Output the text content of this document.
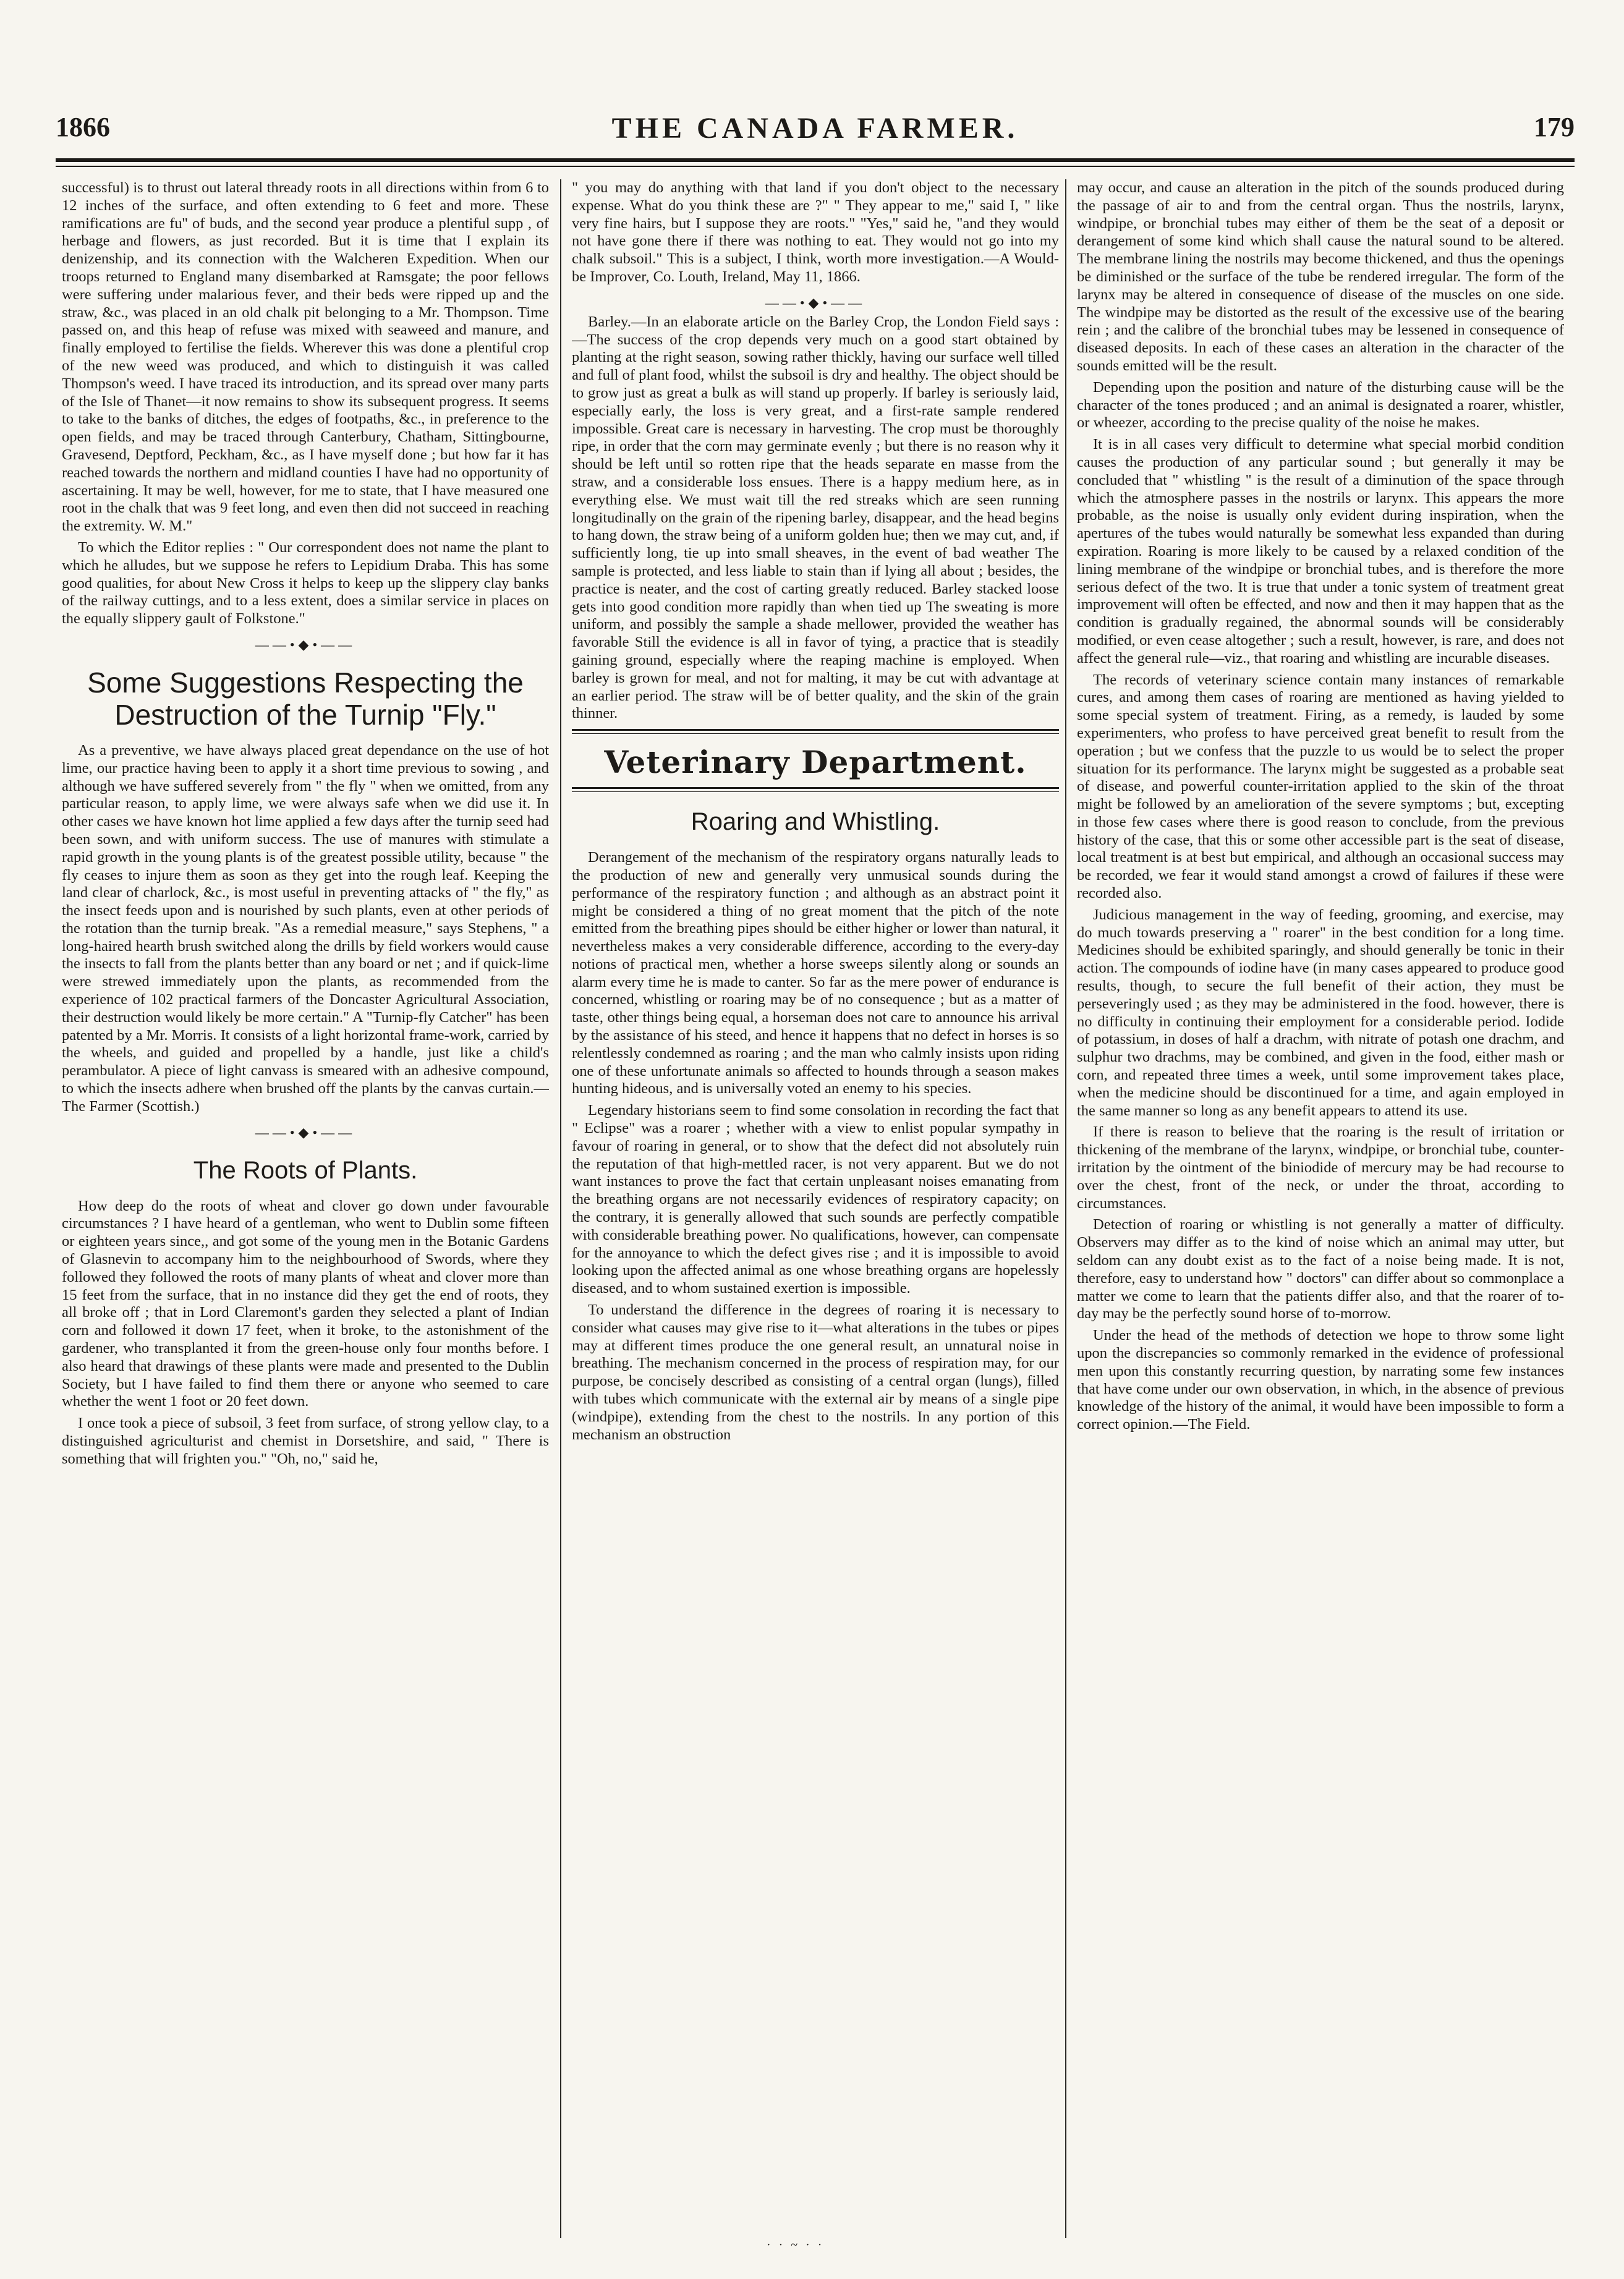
1866	THE CANADA FARMER.	179

successful) is to thrust out lateral thready roots in all directions within from 6 to 12 inches of the surface, and often extending to 6 feet and more. These ramifications are fu'' of buds, and the second year produce a plentiful supp , of herbage and flowers, as just recorded. But it is time that I explain its denizenship, and its connection with the Walcheren Expedition. When our troops returned to England many disembarked at Ramsgate; the poor fellows were suffering under malarious fever, and their beds were ripped up and the straw, &c., was placed in an old chalk pit belonging to a Mr. Thompson. Time passed on, and this heap of refuse was mixed with seaweed and manure, and finally employed to fertilise the fields. Wherever this was done a plentiful crop of the new weed was produced, and which to distinguish it was called Thompson's weed. I have traced its introduction, and its spread over many parts of the Isle of Thanet—it now remains to show its subsequent progress. It seems to take to the banks of ditches, the edges of footpaths, &c., in preference to the open fields, and may be traced through Canterbury, Chatham, Sittingbourne, Gravesend, Deptford, Peckham, &c., as I have myself done ; but how far it has reached towards the northern and midland counties I have had no opportunity of ascertaining. It may be well, however, for me to state, that I have measured one root in the chalk that was 9 feet long, and even then did not succeed in reaching the extremity. W. M."

To which the Editor replies : " Our correspondent does not name the plant to which he alludes, but we suppose he refers to Lepidium Draba. This has some good qualities, for about New Cross it helps to keep up the slippery clay banks of the railway cuttings, and to a less extent, does a similar service in places on the equally slippery gault of Folkstone."

——•◆•——
Some Suggestions Respecting the Destruction of the Turnip "Fly."

As a preventive, we have always placed great dependance on the use of hot lime, our practice having been to apply it a short time previous to sowing , and although we have suffered severely from " the fly " when we omitted, from any particular reason, to apply lime, we were always safe when we did use it. In other cases we have known hot lime applied a few days after the turnip seed had been sown, and with uniform success. The use of manures with stimulate a rapid growth in the young plants is of the greatest possible utility, because " the fly ceases to injure them as soon as they get into the rough leaf. Keeping the land clear of charlock, &c., is most useful in preventing attacks of " the fly," as the insect feeds upon and is nourished by such plants, even at other periods of the rotation than the turnip break. "As a remedial measure," says Stephens, " a long-haired hearth brush switched along the drills by field workers would cause the insects to fall from the plants better than any board or net ; and if quick-lime were strewed immediately upon the plants, as recommended from the experience of 102 practical farmers of the Doncaster Agricultural Association, their destruction would likely be more certain." A "Turnip-fly Catcher" has been patented by a Mr. Morris. It consists of a light horizontal frame-work, carried by the wheels, and guided and propelled by a handle, just like a child's perambulator. A piece of light canvass is smeared with an adhesive compound, to which the insects adhere when brushed off the plants by the canvas curtain.—The Farmer (Scottish.)

——•◆•——
The Roots of Plants.

How deep do the roots of wheat and clover go down under favourable circumstances ? I have heard of a gentleman, who went to Dublin some fifteen or eighteen years since,, and got some of the young men in the Botanic Gardens of Glasnevin to accompany him to the neighbourhood of Swords, where they followed they followed the roots of many plants of wheat and clover more than 15 feet from the surface, that in no instance did they get the end of roots, they all broke off ; that in Lord Claremont's garden they selected a plant of Indian corn and followed it down 17 feet, when it broke, to the astonishment of the gardener, who transplanted it from the green-house only four months before. I also heard that drawings of these plants were made and presented to the Dublin Society, but I have failed to find them there or anyone who seemed to care whether the went 1 foot or 20 feet down.

I once took a piece of subsoil, 3 feet from surface, of strong yellow clay, to a distinguished agriculturist and chemist in Dorsetshire, and said, " There is something that will frighten you." "Oh, no," said he,

" you may do anything with that land if you don't object to the necessary expense. What do you think these are ?" " They appear to me," said I, " like very fine hairs, but I suppose they are roots." "Yes," said he, "and they would not have gone there if there was nothing to eat. They would not go into my chalk subsoil." This is a subject, I think, worth more investigation.—A Would-be Improver, Co. Louth, Ireland, May 11, 1866.

——•◆•——

Barley.—In an elaborate article on the Barley Crop, the London Field says :—The success of the crop depends very much on a good start obtained by planting at the right season, sowing rather thickly, having our surface well tilled and full of plant food, whilst the subsoil is dry and healthy. The object should be to grow just as great a bulk as will stand up properly. If barley is seriously laid, especially early, the loss is very great, and a first-rate sample rendered impossible. Great care is necessary in harvesting. The crop must be thoroughly ripe, in order that the corn may germinate evenly ; but there is no reason why it should be left until so rotten ripe that the heads separate en masse from the straw, and a considerable loss ensues. There is a happy medium here, as in everything else. We must wait till the red streaks which are seen running longitudinally on the grain of the ripening barley, disappear, and the head begins to hang down, the straw being of a uniform golden hue; then we may cut, and, if sufficiently long, tie up into small sheaves, in the event of bad weather The sample is protected, and less liable to stain than if lying all about ; besides, the practice is neater, and the cost of carting greatly reduced. Barley stacked loose gets into good condition more rapidly than when tied up The sweating is more uniform, and possibly the sample a shade mellower, provided the weather has favorable Still the evidence is all in favor of tying, a practice that is steadily gaining ground, especially where the reaping machine is employed. When barley is grown for meal, and not for malting, it may be cut with advantage at an earlier period. The straw will be of better quality, and the skin of the grain thinner.

Veterinary Department.
Roaring and Whistling.

Derangement of the mechanism of the respiratory organs naturally leads to the production of new and generally very unmusical sounds during the performance of the respiratory function ; and although as an abstract point it might be considered a thing of no great moment that the pitch of the note emitted from the breathing pipes should be either higher or lower than natural, it nevertheless makes a very considerable difference, according to the every-day notions of practical men, whether a horse sweeps silently along or sounds an alarm every time he is made to canter. So far as the mere power of endurance is concerned, whistling or roaring may be of no consequence ; but as a matter of taste, other things being equal, a horseman does not care to announce his arrival by the assistance of his steed, and hence it happens that no defect in horses is so relentlessly condemned as roaring ; and the man who calmly insists upon riding one of these unfortunate animals so affected to hounds through a season makes hunting hideous, and is universally voted an enemy to his species.

Legendary historians seem to find some consolation in recording the fact that " Eclipse" was a roarer ; whether with a view to enlist popular sympathy in favour of roaring in general, or to show that the defect did not absolutely ruin the reputation of that high-mettled racer, is not very apparent. But we do not want instances to prove the fact that certain unpleasant noises emanating from the breathing organs are not necessarily evidences of respiratory capacity; on the contrary, it is generally allowed that such sounds are perfectly compatible with considerable breathing power. No qualifications, however, can compensate for the annoyance to which the defect gives rise ; and it is impossible to avoid looking upon the affected animal as one whose breathing organs are hopelessly diseased, and to whom sustained exertion is impossible.

To understand the difference in the degrees of roaring it is necessary to consider what causes may give rise to it—what alterations in the tubes or pipes may at different times produce the one general result, an unnatural noise in breathing. The mechanism concerned in the process of respiration may, for our purpose, be concisely described as consisting of a central organ (lungs), filled with tubes which communicate with the external air by means of a single pipe (windpipe), extending from the chest to the nostrils. In any portion of this mechanism an obstruction

may occur, and cause an alteration in the pitch of the sounds produced during the passage of air to and from the central organ. Thus the nostrils, larynx, windpipe, or bronchial tubes may either of them be the seat of a deposit or derangement of some kind which shall cause the natural sound to be altered. The membrane lining the nostrils may become thickened, and thus the openings be diminished or the surface of the tube be rendered irregular. The form of the larynx may be altered in consequence of disease of the muscles on one side. The windpipe may be distorted as the result of the excessive use of the bearing rein ; and the calibre of the bronchial tubes may be lessened in consequence of diseased deposits. In each of these cases an alteration in the character of the sounds emitted will be the result.

Depending upon the position and nature of the disturbing cause will be the character of the tones produced ; and an animal is designated a roarer, whistler, or wheezer, according to the precise quality of the noise he makes.

It is in all cases very difficult to determine what special morbid condition causes the production of any particular sound ; but generally it may be concluded that " whistling " is the result of a diminution of the space through which the atmosphere passes in the nostrils or larynx. This appears the more probable, as the noise is usually only evident during inspiration, when the apertures of the tubes would naturally be somewhat less expanded than during expiration. Roaring is more likely to be caused by a relaxed condition of the lining membrane of the windpipe or bronchial tubes, and is therefore the more serious defect of the two. It is true that under a tonic system of treatment great improvement will often be effected, and now and then it may happen that as the condition is gradually regained, the abnormal sounds will be considerably modified, or even cease altogether ; such a result, however, is rare, and does not affect the general rule—viz., that roaring and whistling are incurable diseases.

The records of veterinary science contain many instances of remarkable cures, and among them cases of roaring are mentioned as having yielded to some special system of treatment. Firing, as a remedy, is lauded by some experimenters, who profess to have perceived great benefit to result from the operation ; but we confess that the puzzle to us would be to select the proper situation for its performance. The larynx might be suggested as a probable seat of disease, and powerful counter-irritation applied to the skin of the throat might be followed by an amelioration of the severe symptoms ; but, excepting in those few cases where there is good reason to conclude, from the previous history of the case, that this or some other accessible part is the seat of disease, local treatment is at best but empirical, and although an occasional success may be recorded, we fear it would stand amongst a crowd of failures if these were recorded also.

Judicious management in the way of feeding, grooming, and exercise, may do much towards preserving a " roarer" in the best condition for a long time. Medicines should be exhibited sparingly, and should generally be tonic in their action. The compounds of iodine have (in many cases appeared to produce good results, though, to secure the full benefit of their action, they must be perseveringly used ; as they may be administered in the food. however, there is no difficulty in continuing their employment for a considerable period. Iodide of potassium, in doses of half a drachm, with nitrate of potash one drachm, and sulphur two drachms, may be combined, and given in the food, either mash or corn, and repeated three times a week, until some improvement takes place, when the medicine should be discontinued for a time, and again employed in the same manner so long as any benefit appears to attend its use.

If there is reason to believe that the roaring is the result of irritation or thickening of the membrane of the larynx, windpipe, or bronchial tube, counter-irritation by the ointment of the biniodide of mercury may be had recourse to over the chest, front of the neck, or under the throat, according to circumstances.

Detection of roaring or whistling is not generally a matter of difficulty. Observers may differ as to the kind of noise which an animal may utter, but seldom can any doubt exist as to the fact of a noise being made. It is not, therefore, easy to understand how " doctors" can differ about so commonplace a matter we come to learn that the patients differ also, and that the roarer of to-day may be the perfectly sound horse of to-morrow.

Under the head of the methods of detection we hope to throw some light upon the discrepancies so commonly remarked in the evidence of professional men upon this constantly recurring question, by narrating some few instances that have come under our own observation, in which, in the absence of previous knowledge of the history of the animal, it would have been impossible to form a correct opinion.—The Field.

· · ~ · ·
